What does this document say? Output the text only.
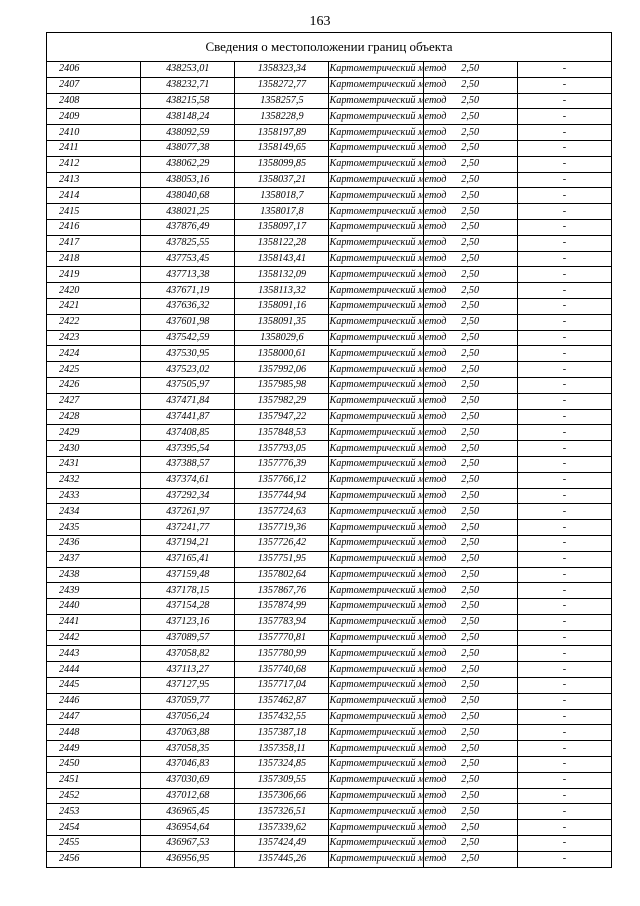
163
Сведения о местоположении границ объекта					
2406	438253,01	1358323,34	Картометрический метод	2,50	-
2407	438232,71	1358272,77	Картометрический метод	2,50	-
2408	438215,58	1358257,5	Картометрический метод	2,50	-
2409	438148,24	1358228,9	Картометрический метод	2,50	-
2410	438092,59	1358197,89	Картометрический метод	2,50	-
2411	438077,38	1358149,65	Картометрический метод	2,50	-
2412	438062,29	1358099,85	Картометрический метод	2,50	-
2413	438053,16	1358037,21	Картометрический метод	2,50	-
2414	438040,68	1358018,7	Картометрический метод	2,50	-
2415	438021,25	1358017,8	Картометрический метод	2,50	-
2416	437876,49	1358097,17	Картометрический метод	2,50	-
2417	437825,55	1358122,28	Картометрический метод	2,50	-
2418	437753,45	1358143,41	Картометрический метод	2,50	-
2419	437713,38	1358132,09	Картометрический метод	2,50	-
2420	437671,19	1358113,32	Картометрический метод	2,50	-
2421	437636,32	1358091,16	Картометрический метод	2,50	-
2422	437601,98	1358091,35	Картометрический метод	2,50	-
2423	437542,59	1358029,6	Картометрический метод	2,50	-
2424	437530,95	1358000,61	Картометрический метод	2,50	-
2425	437523,02	1357992,06	Картометрический метод	2,50	-
2426	437505,97	1357985,98	Картометрический метод	2,50	-
2427	437471,84	1357982,29	Картометрический метод	2,50	-
2428	437441,87	1357947,22	Картометрический метод	2,50	-
2429	437408,85	1357848,53	Картометрический метод	2,50	-
2430	437395,54	1357793,05	Картометрический метод	2,50	-
2431	437388,57	1357776,39	Картометрический метод	2,50	-
2432	437374,61	1357766,12	Картометрический метод	2,50	-
2433	437292,34	1357744,94	Картометрический метод	2,50	-
2434	437261,97	1357724,63	Картометрический метод	2,50	-
2435	437241,77	1357719,36	Картометрический метод	2,50	-
2436	437194,21	1357726,42	Картометрический метод	2,50	-
2437	437165,41	1357751,95	Картометрический метод	2,50	-
2438	437159,48	1357802,64	Картометрический метод	2,50	-
2439	437178,15	1357867,76	Картометрический метод	2,50	-
2440	437154,28	1357874,99	Картометрический метод	2,50	-
2441	437123,16	1357783,94	Картометрический метод	2,50	-
2442	437089,57	1357770,81	Картометрический метод	2,50	-
2443	437058,82	1357780,99	Картометрический метод	2,50	-
2444	437113,27	1357740,68	Картометрический метод	2,50	-
2445	437127,95	1357717,04	Картометрический метод	2,50	-
2446	437059,77	1357462,87	Картометрический метод	2,50	-
2447	437056,24	1357432,55	Картометрический метод	2,50	-
2448	437063,88	1357387,18	Картометрический метод	2,50	-
2449	437058,35	1357358,11	Картометрический метод	2,50	-
2450	437046,83	1357324,85	Картометрический метод	2,50	-
2451	437030,69	1357309,55	Картометрический метод	2,50	-
2452	437012,68	1357306,66	Картометрический метод	2,50	-
2453	436965,45	1357326,51	Картометрический метод	2,50	-
2454	436954,64	1357339,62	Картометрический метод	2,50	-
2455	436967,53	1357424,49	Картометрический метод	2,50	-
2456	436956,95	1357445,26	Картометрический метод	2,50	-
